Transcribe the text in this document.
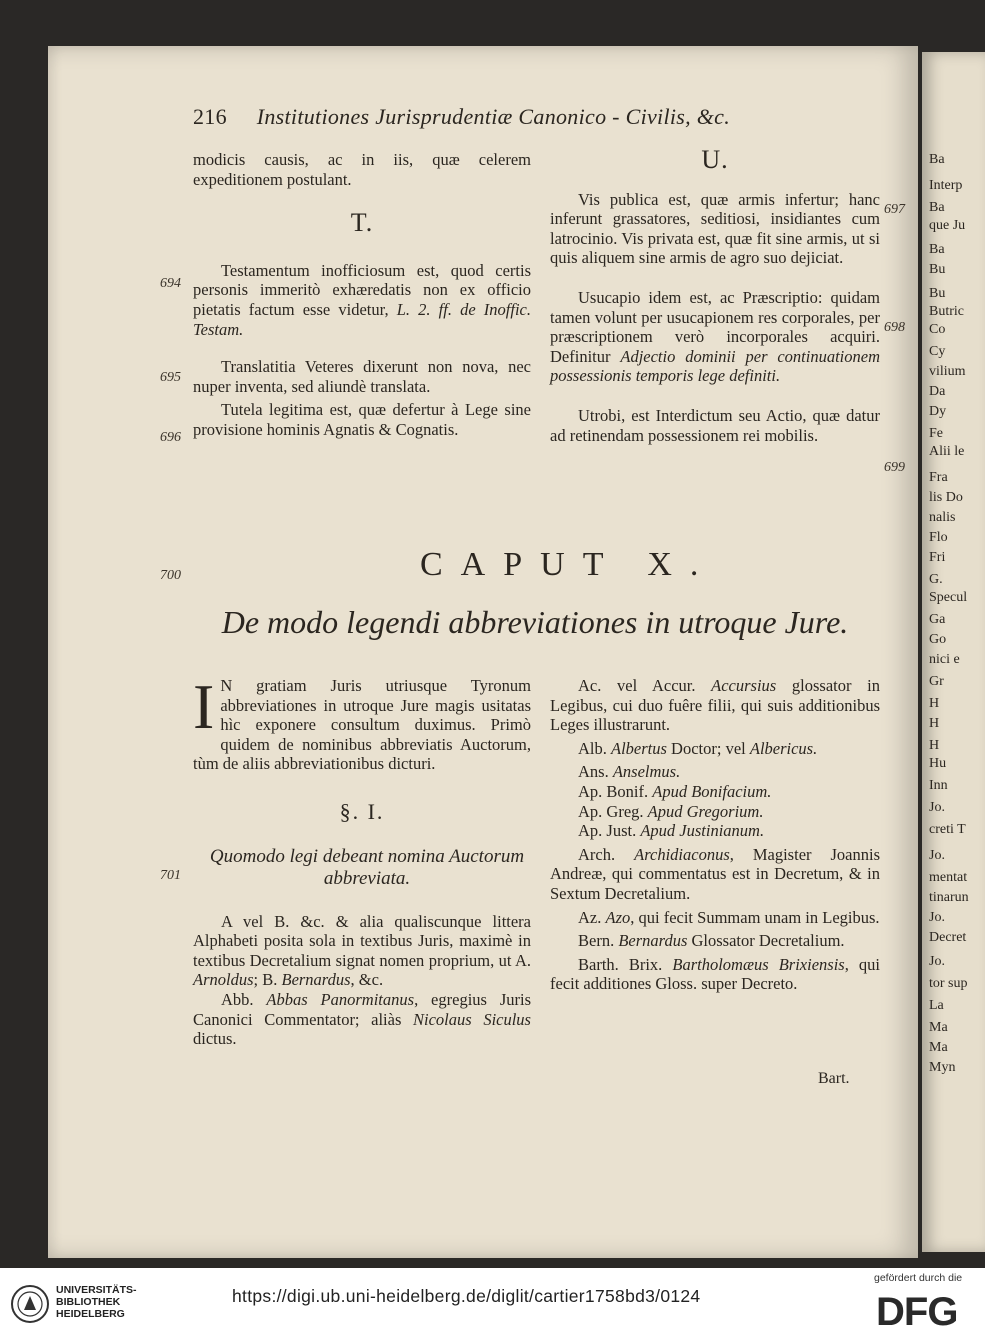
216 Institutiones Jurisprudentiæ Canonico - Civilis, &c.

modicis causis, ac in iis, quæ celerem expeditionem postulant.

T.

Testamentum inofficiosum est, quod certis personis immeritò exhæredatis non ex officio pietatis factum esse videtur, L. 2. ff. de Inoffic. Testam.

Translatitia Veteres dixerunt non nova, nec nuper inventa, sed aliundè translata.

Tutela legitima est, quæ defertur à Lege sine provisione hominis Agnatis & Cognatis.

694
695
696
U.

Vis publica est, quæ armis infertur; hanc inferunt grassatores, seditiosi, insidiantes cum latrocinio. Vis privata est, quæ fit sine armis, ut si quis aliquem sine armis de agro suo dejiciat.

Usucapio idem est, ac Præscriptio: quidam tamen volunt per usucapionem res corporales, per præscriptionem verò incorporales acquiri. Definitur Adjectio dominii per continuationem possessionis temporis lege definiti.

Utrobi, est Interdictum seu Actio, quæ datur ad retinendam possessionem rei mobilis.

697
698
699
700	CAPUT X.
De modo legendi abbreviationes in utroque Jure.

I N gratiam Juris utriusque Tyronum abbreviationes in utroque Jure magis usitatas hìc exponere consultum duximus. Primò quidem de nominibus abbreviatis Auctorum, tùm de aliis abbreviationibus dicturi.

§. I.

Quomodo legi debeant nomina Auctorum abbreviata.

A vel B. &c. & alia qualiscunque littera Alphabeti posita sola in textibus Juris, maximè in textibus Decretalium signat nomen proprium, ut A. Arnoldus; B. Bernardus, &c.

Abb. Abbas Panormitanus, egregius Juris Canonici Commentator; aliàs Nicolaus Siculus dictus.

701

Ac. vel Accur. Accursius glossator in Legibus, cui duo fuêre filii, qui suis additionibus Leges illustrarunt.

Alb. Albertus Doctor; vel Albericus.

Ans. Anselmus.

Ap. Bonif. Apud Bonifacium.

Ap. Greg. Apud Gregorium.

Ap. Just. Apud Justinianum.

Arch. Archidiaconus, Magister Joannis Andreæ, qui commentatus est in Decretum, & in Sextum Decretalium.

Az. Azo, qui fecit Summam unam in Legibus.

Bern. Bernardus Glossator Decretalium.

Barth. Brix. Bartholomæus Brixiensis, qui fecit additiones Gloss. super Decreto.

Bart.
Ba
Interp
Ba
que Ju
Ba
Bu
Bu
Butric
Co
Cy
vilium
Da
Dy
Fe
Alii le
Fra
lis Do
nalis
Flo
Fri
G.
Specul
Ga
Go
nici e
Gr
H
H
H
Hu
Inn
Jo.
creti T
Jo.
mentat
tinarun
Jo.
Decret
Jo.
tor sup
La
Ma
Ma
Myn
UNIVERSITÄTS-
BIBLIOTHEK
HEIDELBERG
https://digi.ub.uni-heidelberg.de/diglit/cartier1758bd3/0124
gefördert durch die
DFG
